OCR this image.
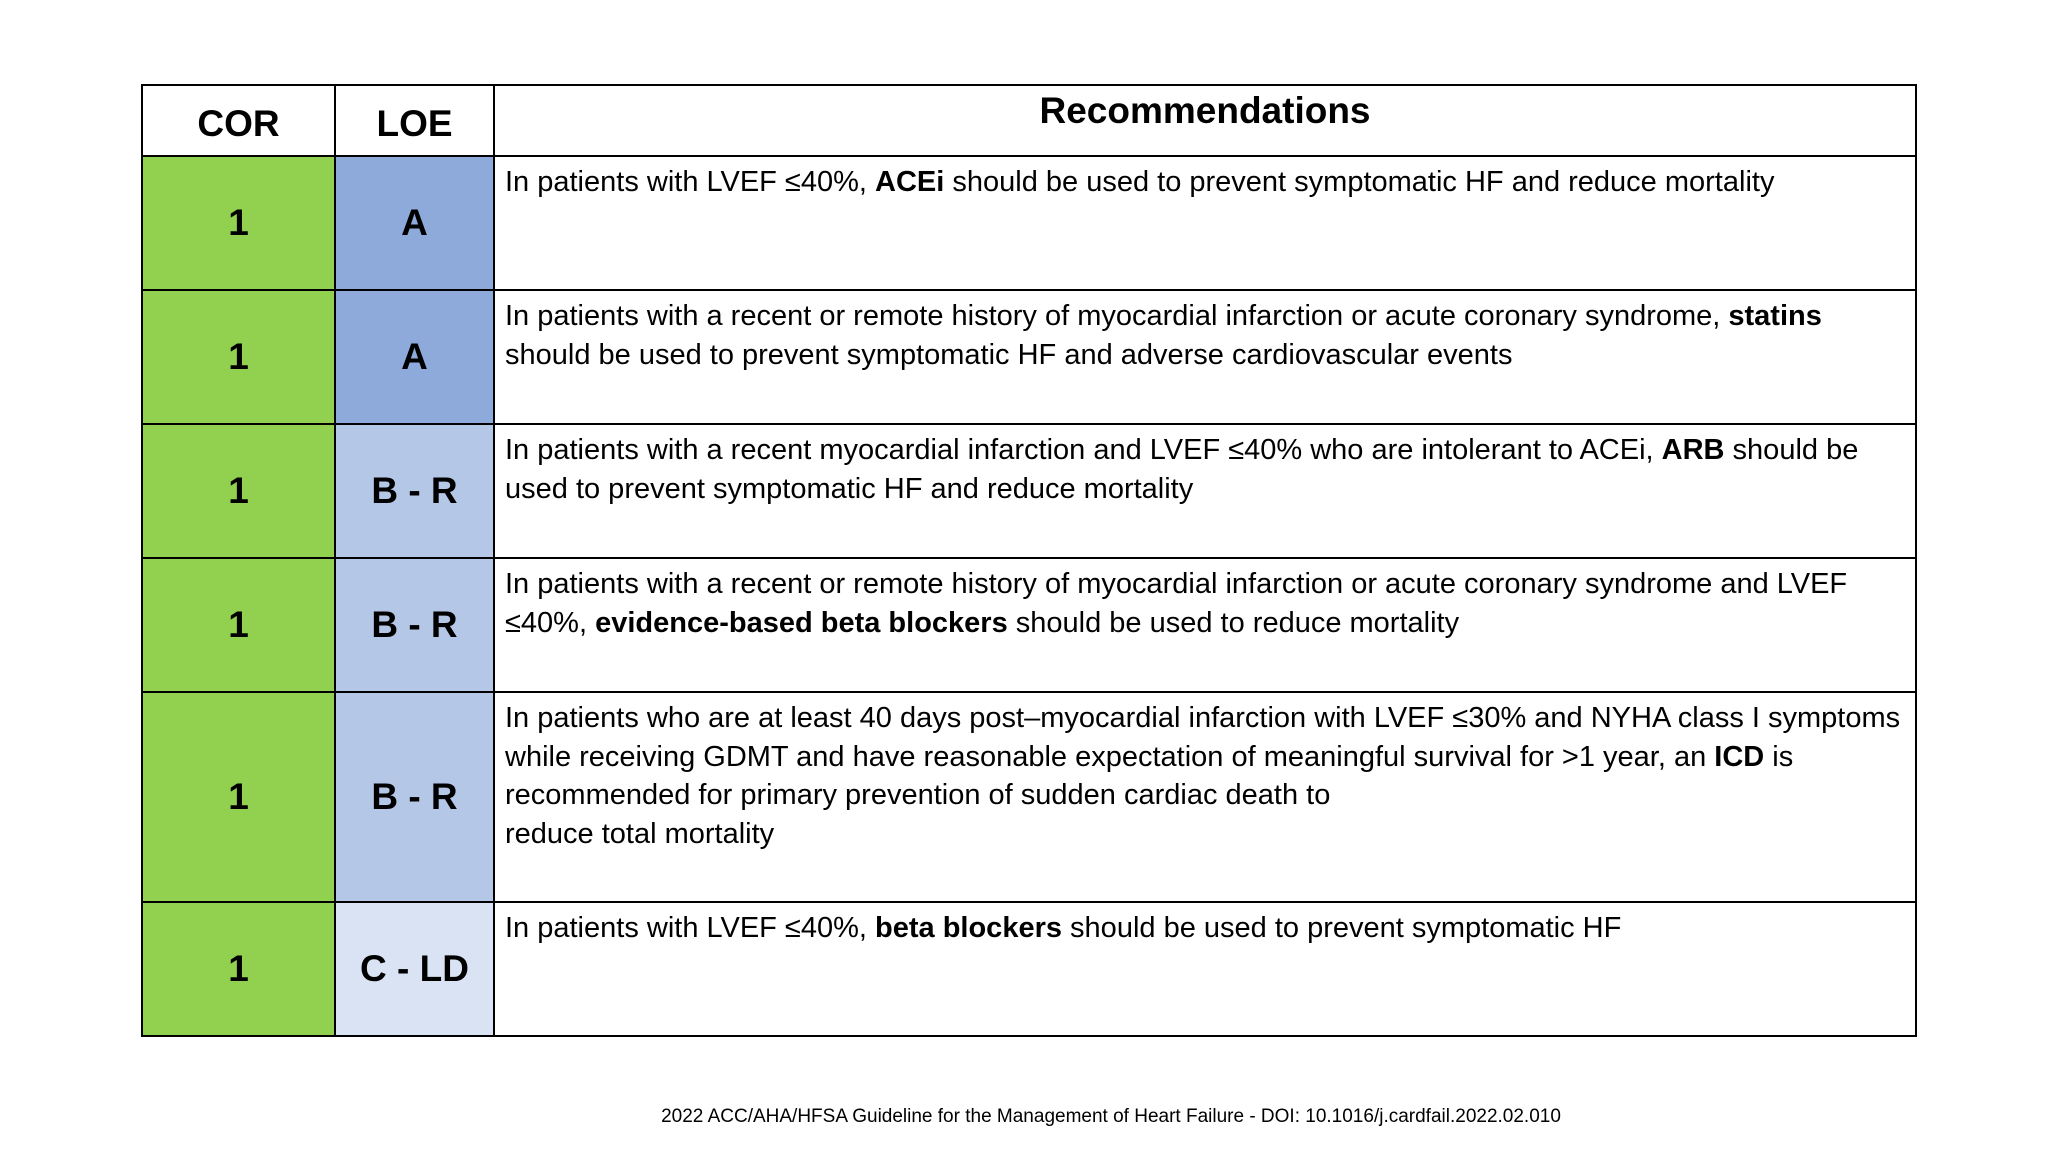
COR	LOE	Recommendations
1	A	In patients with LVEF ≤40%, ACEi should be used to prevent symptomatic HF and reduce mortality
1	A	In patients with a recent or remote history of myocardial infarction or acute coronary syndrome, statins should be used to prevent symptomatic HF and adverse cardiovascular events
1	B - R	In patients with a recent myocardial infarction and LVEF ≤40% who are intolerant to ACEi, ARB should be used to prevent symptomatic HF and reduce mortality
1	B - R	In patients with a recent or remote history of myocardial infarction or acute coronary syndrome and LVEF ≤40%, evidence-based beta blockers should be used to reduce mortality
1	B - R	In patients who are at least 40 days post–myocardial infarction with LVEF ≤30% and NYHA class I symptoms while receiving GDMT and have reasonable expectation of meaningful survival for >1 year, an ICD is recommended for primary prevention of sudden cardiac death to
reduce total mortality
1	C - LD	In patients with LVEF ≤40%, beta blockers should be used to prevent symptomatic HF
2022 ACC/AHA/HFSA Guideline for the Management of Heart Failure - DOI: 10.1016/j.cardfail.2022.02.010
